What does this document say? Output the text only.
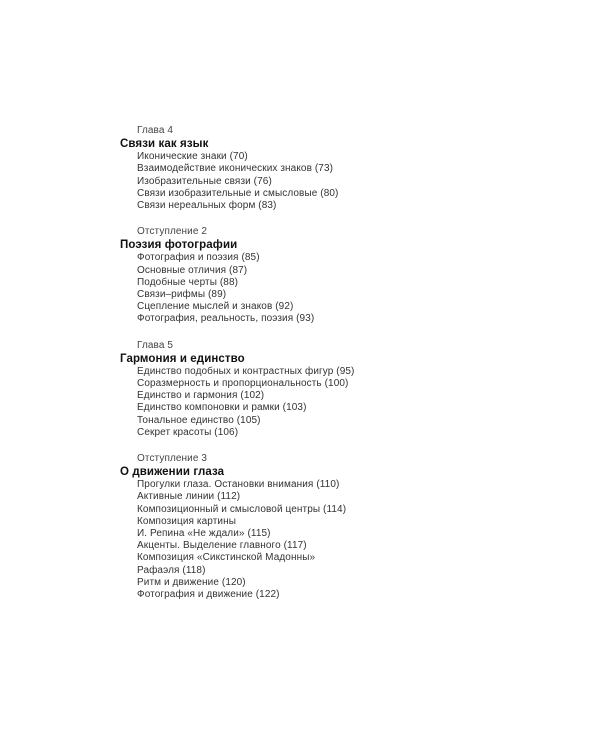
Глава 4
Связи как язык
Иконические знаки (70)
Взаимодействие иконических знаков (73)
Изобразительные связи (76)
Связи изобразительные и смысловые (80)
Связи нереальных форм (83)
Отступление 2
Поэзия фотографии
Фотография и поэзия (85)
Основные отличия (87)
Подобные черты (88)
Связи–рифмы (89)
Сцепление мыслей и знаков (92)
Фотография, реальность, поэзия (93)
Глава 5
Гармония и единство
Единство подобных и контрастных фигур (95)
Соразмерность и пропорциональность (100)
Единство и гармония (102)
Единство компоновки и рамки (103)
Тональное единство (105)
Секрет красоты (106)
Отступление 3
О движении глаза
Прогулки глаза. Остановки внимания (110)
Активные линии (112)
Композиционный и смысловой центры (114)
Композиция картины
И. Репина «Не ждали» (115)
Акценты. Выделение главного (117)
Композиция «Сикстинской Мадонны»
Рафаэля (118)
Ритм и движение (120)
Фотография и движение (122)
